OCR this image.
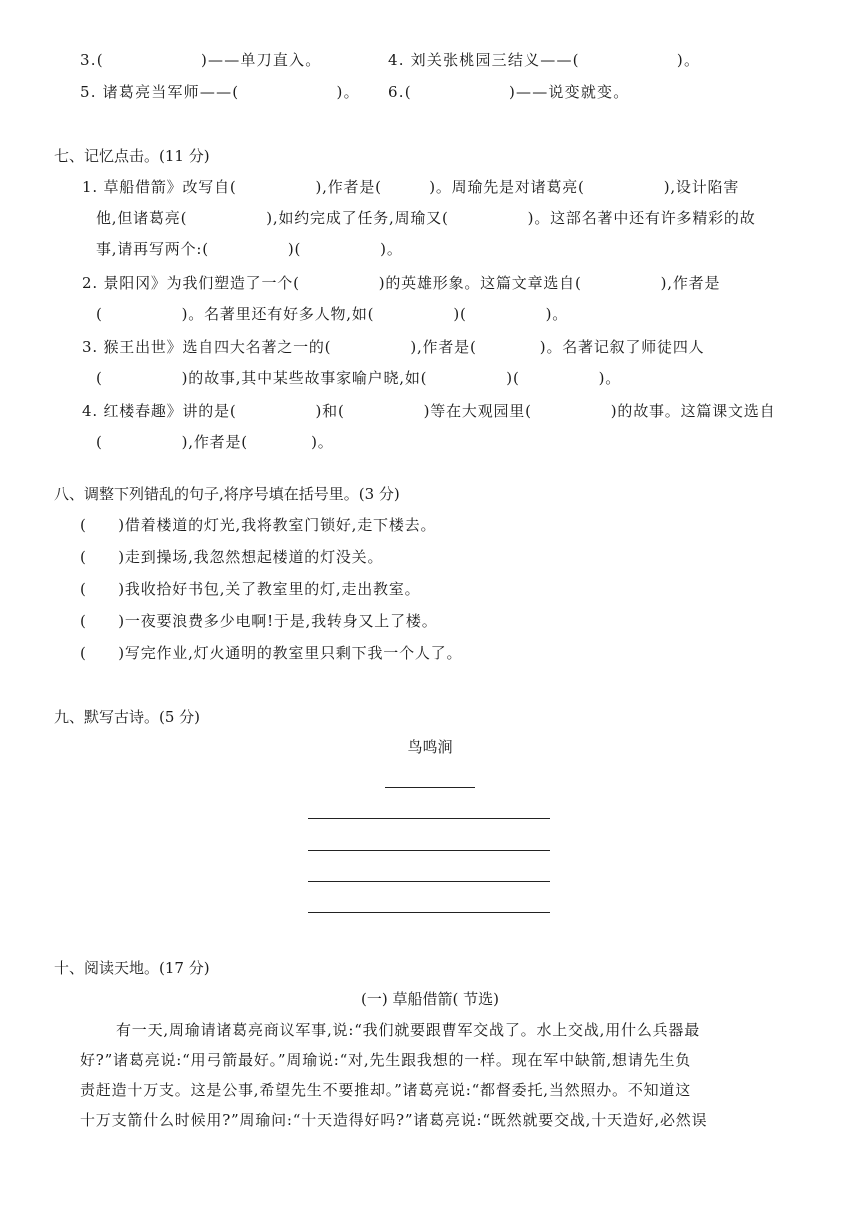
3.(　　　　　　)——单刀直入。	4. 刘关张桃园三结义——(　　　　　　)。
5. 诸葛亮当军师——(　　　　　　)。 6.(　　　　　　)——说变就变。
七、记忆点击。(11 分)
1. 草船借箭》改写自(　　　　　),作者是(　　　)。周瑜先是对诸葛亮(　　　　　),设计陷害
他,但诸葛亮(　　　　　),如约完成了任务,周瑜又(　　　　　)。这部名著中还有许多精彩的故
事,请再写两个:(　　　　　)(　　　　　)。
2. 景阳冈》为我们塑造了一个(　　　　　)的英雄形象。这篇文章选自(　　　　　),作者是
(　　　　　)。名著里还有好多人物,如(　　　　　)(　　　　　)。
3. 猴王出世》选自四大名著之一的(　　　　　),作者是(　　　　)。名著记叙了师徒四人
(　　　　　)的故事,其中某些故事家喻户晓,如(　　　　　)(　　　　　)。
4. 红楼春趣》讲的是(　　　　　)和(　　　　　)等在大观园里(　　　　　)的故事。这篇课文选自
(　　　　　),作者是(　　　　)。
八、调整下列错乱的句子,将序号填在括号里。(3 分)
(　　)借着楼道的灯光,我将教室门锁好,走下楼去。
(　　)走到操场,我忽然想起楼道的灯没关。
(　　)我收拾好书包,关了教室里的灯,走出教室。
(　　)一夜要浪费多少电啊!于是,我转身又上了楼。
(　　)写完作业,灯火通明的教室里只剩下我一个人了。
九、默写古诗。(5 分)
鸟鸣涧
十、阅读天地。(17 分)
(一) 草船借箭( 节选)
有一天,周瑜请诸葛亮商议军事,说:“我们就要跟曹军交战了。水上交战,用什么兵器最
好?”诸葛亮说:“用弓箭最好。”周瑜说:“对,先生跟我想的一样。现在军中缺箭,想请先生负
责赶造十万支。这是公事,希望先生不要推却。”诸葛亮说:“都督委托,当然照办。不知道这
十万支箭什么时候用?”周瑜问:“十天造得好吗?”诸葛亮说:“既然就要交战,十天造好,必然误
